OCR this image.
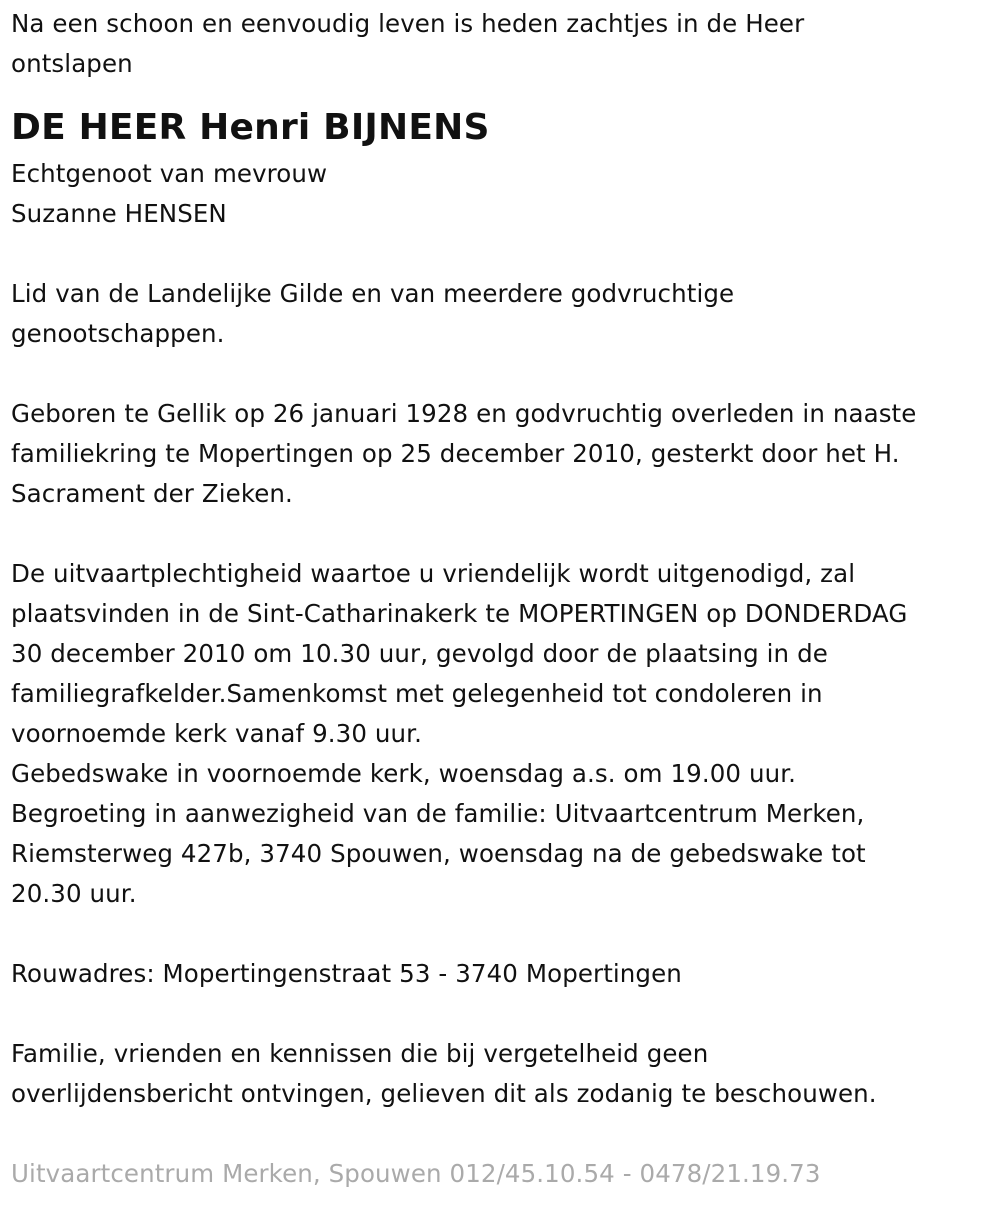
Na een schoon en eenvoudig leven is heden zachtjes in de Heer

ontslapen

DE HEER Henri BIJNENS

Echtgenoot van mevrouw

Suzanne HENSEN

Lid van de Landelijke Gilde en van meerdere godvruchtige

genootschappen.

Geboren te Gellik op 26 januari 1928 en godvruchtig overleden in naaste

familiekring te Mopertingen op 25 december 2010, gesterkt door het H.

Sacrament der Zieken.

De uitvaartplechtigheid waartoe u vriendelijk wordt uitgenodigd, zal

plaatsvinden in de Sint-Catharinakerk te MOPERTINGEN op DONDERDAG

30 december 2010 om 10.30 uur, gevolgd door de plaatsing in de

familiegrafkelder.Samenkomst met gelegenheid tot condoleren in

voornoemde kerk vanaf 9.30 uur.

Gebedswake in voornoemde kerk, woensdag a.s. om 19.00 uur.

Begroeting in aanwezigheid van de familie: Uitvaartcentrum Merken,

Riemsterweg 427b, 3740 Spouwen, woensdag na de gebedswake tot

20.30 uur.

Rouwadres: Mopertingenstraat 53 - 3740 Mopertingen

Familie, vrienden en kennissen die bij vergetelheid geen

overlijdensbericht ontvingen, gelieven dit als zodanig te beschouwen.

Uitvaartcentrum Merken, Spouwen 012/45.10.54 - 0478/21.19.73
